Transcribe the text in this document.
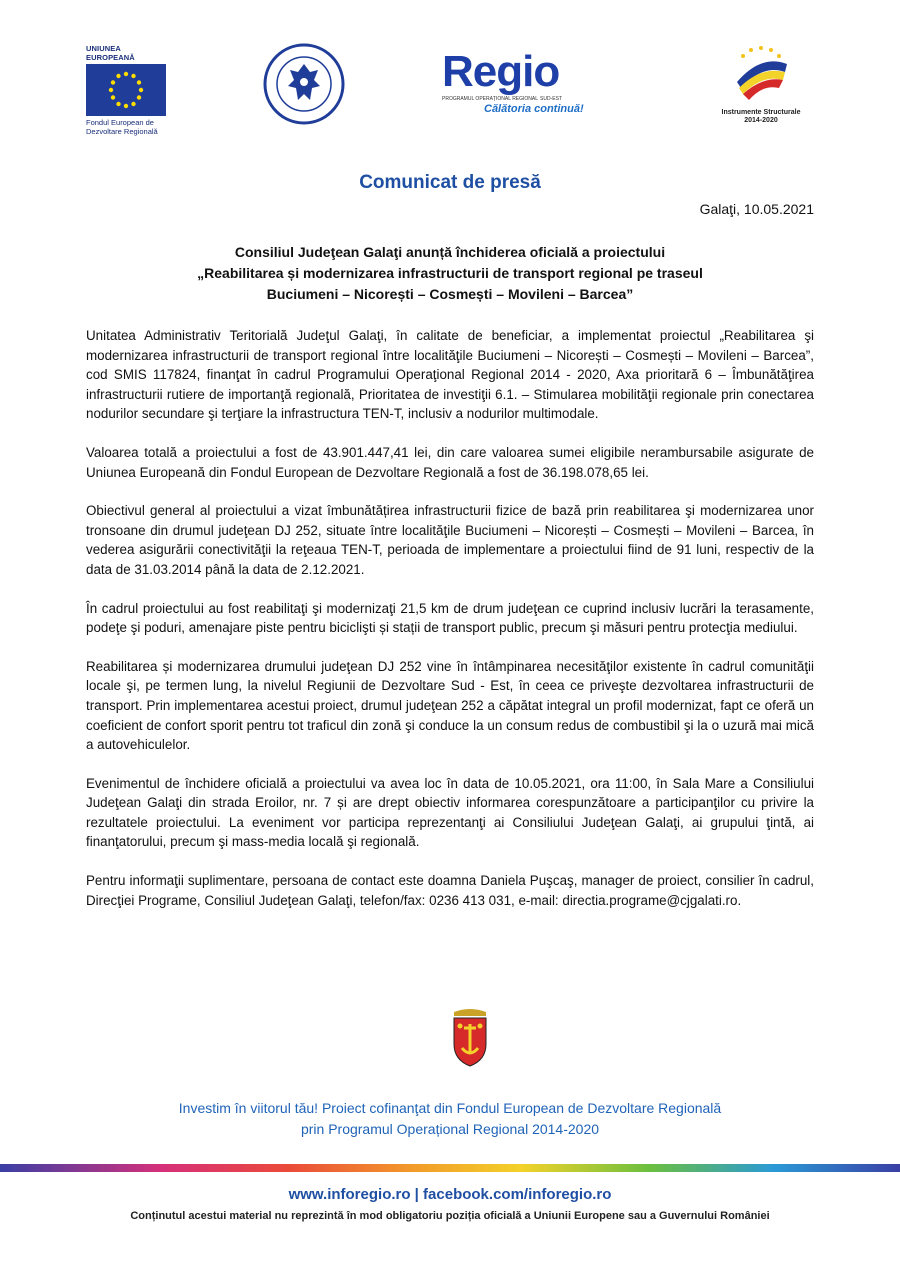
UNIUNEA EUROPEANĂ
Fondul European de
Dezvoltare Regională
Regio
PROGRAMUL OPERAȚIONAL REGIONAL SUD-EST
Călătoria continuă!	Instrumente Structurale
2014-2020
Comunicat de presă
Galaţi, 10.05.2021
Consiliul Judeţean Galaţi anunță închiderea oficială a proiectului
„Reabilitarea și modernizarea infrastructurii de transport regional pe traseul
Buciumeni – Nicorești – Cosmești – Movileni – Barcea”

Unitatea Administrativ Teritorială Judeţul Galaţi, în calitate de beneficiar, a implementat proiectul „Reabilitarea şi modernizarea infrastructurii de transport regional între localităţile Buciumeni – Nicorești – Cosmești – Movileni – Barcea”, cod SMIS 117824, finanţat în cadrul Programului Operaţional Regional 2014 - 2020, Axa prioritară 6 – Îmbunătăţirea infrastructurii rutiere de importanţă regională, Prioritatea de investiţii 6.1. – Stimularea mobilităţii regionale prin conectarea nodurilor secundare şi terţiare la infrastructura TEN-T, inclusiv a nodurilor multimodale.

Valoarea totală a proiectului a fost de 43.901.447,41 lei, din care valoarea sumei eligibile nerambursabile asigurate de Uniunea Europeană din Fondul European de Dezvoltare Regională a fost de 36.198.078,65 lei.

Obiectivul general al proiectului a vizat îmbunătățirea infrastructurii fizice de bază prin reabilitarea şi modernizarea unor tronsoane din drumul judeţean DJ 252, situate între localităţile Buciumeni – Nicorești – Cosmești – Movileni – Barcea, în vederea asigurării conectivităţii la reţeaua TEN-T, perioada de implementare a proiectului fiind de 91 luni, respectiv de la data de 31.03.2014 până la data de 2.12.2021.

În cadrul proiectului au fost reabilitaţi şi modernizaţi 21,5 km de drum judeţean ce cuprind inclusiv lucrări la terasamente, podeţe şi poduri, amenajare piste pentru biciclişti și stații de transport public, precum şi măsuri pentru protecţia mediului.

Reabilitarea și modernizarea drumului judeţean DJ 252 vine în întâmpinarea necesităţilor existente în cadrul comunităţii locale şi, pe termen lung, la nivelul Regiunii de Dezvoltare Sud - Est, în ceea ce priveşte dezvoltarea infrastructurii de transport. Prin implementarea acestui proiect, drumul judeţean 252 a căpătat integral un profil modernizat, fapt ce oferă un coeficient de confort sporit pentru tot traficul din zonă şi conduce la un consum redus de combustibil şi la o uzură mai mică a autovehiculelor.

Evenimentul de închidere oficială a proiectului va avea loc în data de 10.05.2021, ora 11:00, în Sala Mare a Consiliului Judeţean Galaţi din strada Eroilor, nr. 7 și are drept obiectiv informarea corespunzătoare a participanţilor cu privire la rezultatele proiectului. La eveniment vor participa reprezentanţi ai Consiliului Judeţean Galaţi, ai grupului ţintă, ai finanţatorului, precum şi mass-media locală şi regională.

Pentru informaţii suplimentare, persoana de contact este doamna Daniela Puşcaş, manager de proiect, consilier în cadrul, Direcţiei Programe, Consiliul Judeţean Galaţi, telefon/fax: 0236 413 031, e-mail: directia.programe@cjgalati.ro.

Investim în viitorul tău! Proiect cofinanţat din Fondul European de Dezvoltare Regională
prin Programul Operațional Regional 2014-2020
www.inforegio.ro | facebook.com/inforegio.ro
Conținutul acestui material nu reprezintă în mod obligatoriu poziția oficială a Uniunii Europene sau a Guvernului României
